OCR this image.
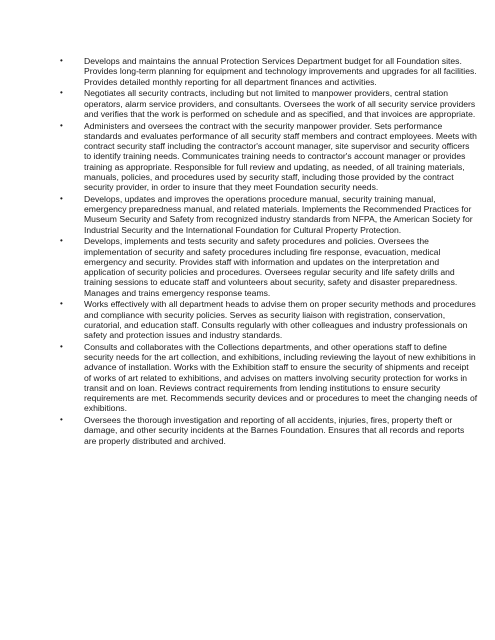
•	Develops and maintains the annual Protection Services Department budget for all Foundation sites. Provides long-term planning for equipment and technology improvements and upgrades for all facilities. Provides detailed monthly reporting for all department finances and activities.
•	Negotiates all security contracts, including but not limited to manpower providers, central station operators, alarm service providers, and consultants. Oversees the work of all security service providers and verifies that the work is performed on schedule and as specified, and that invoices are appropriate.
•	Administers and oversees the contract with the security manpower provider. Sets performance standards and evaluates performance of all security staff members and contract employees. Meets with contract security staff including the contractor's account manager, site supervisor and security officers to identify training needs. Communicates training needs to contractor's account manager or provides training as appropriate. Responsible for full review and updating, as needed, of all training materials, manuals, policies, and procedures used by security staff, including those provided by the contract security provider, in order to insure that they meet Foundation security needs.
•	Develops, updates and improves the operations procedure manual, security training manual, emergency preparedness manual, and related materials. Implements the Recommended Practices for Museum Security and Safety from recognized industry standards from NFPA, the American Society for Industrial Security and the International Foundation for Cultural Property Protection.
•	Develops, implements and tests security and safety procedures and policies. Oversees the implementation of security and safety procedures including fire response, evacuation, medical emergency and security. Provides staff with information and updates on the interpretation and application of security policies and procedures. Oversees regular security and life safety drills and training sessions to educate staff and volunteers about security, safety and disaster preparedness. Manages and trains emergency response teams.
•	Works effectively with all department heads to advise them on proper security methods and procedures and compliance with security policies. Serves as security liaison with registration, conservation, curatorial, and education staff. Consults regularly with other colleagues and industry professionals on safety and protection issues and industry standards.
•	Consults and collaborates with the Collections departments, and other operations staff to define security needs for the art collection, and exhibitions, including reviewing the layout of new exhibitions in advance of installation. Works with the Exhibition staff to ensure the security of shipments and receipt of works of art related to exhibitions, and advises on matters involving security protection for works in transit and on loan. Reviews contract requirements from lending institutions to ensure security requirements are met. Recommends security devices and or procedures to meet the changing needs of exhibitions.
•	Oversees the thorough investigation and reporting of all accidents, injuries, fires, property theft or damage, and other security incidents at the Barnes Foundation. Ensures that all records and reports are properly distributed and archived.
